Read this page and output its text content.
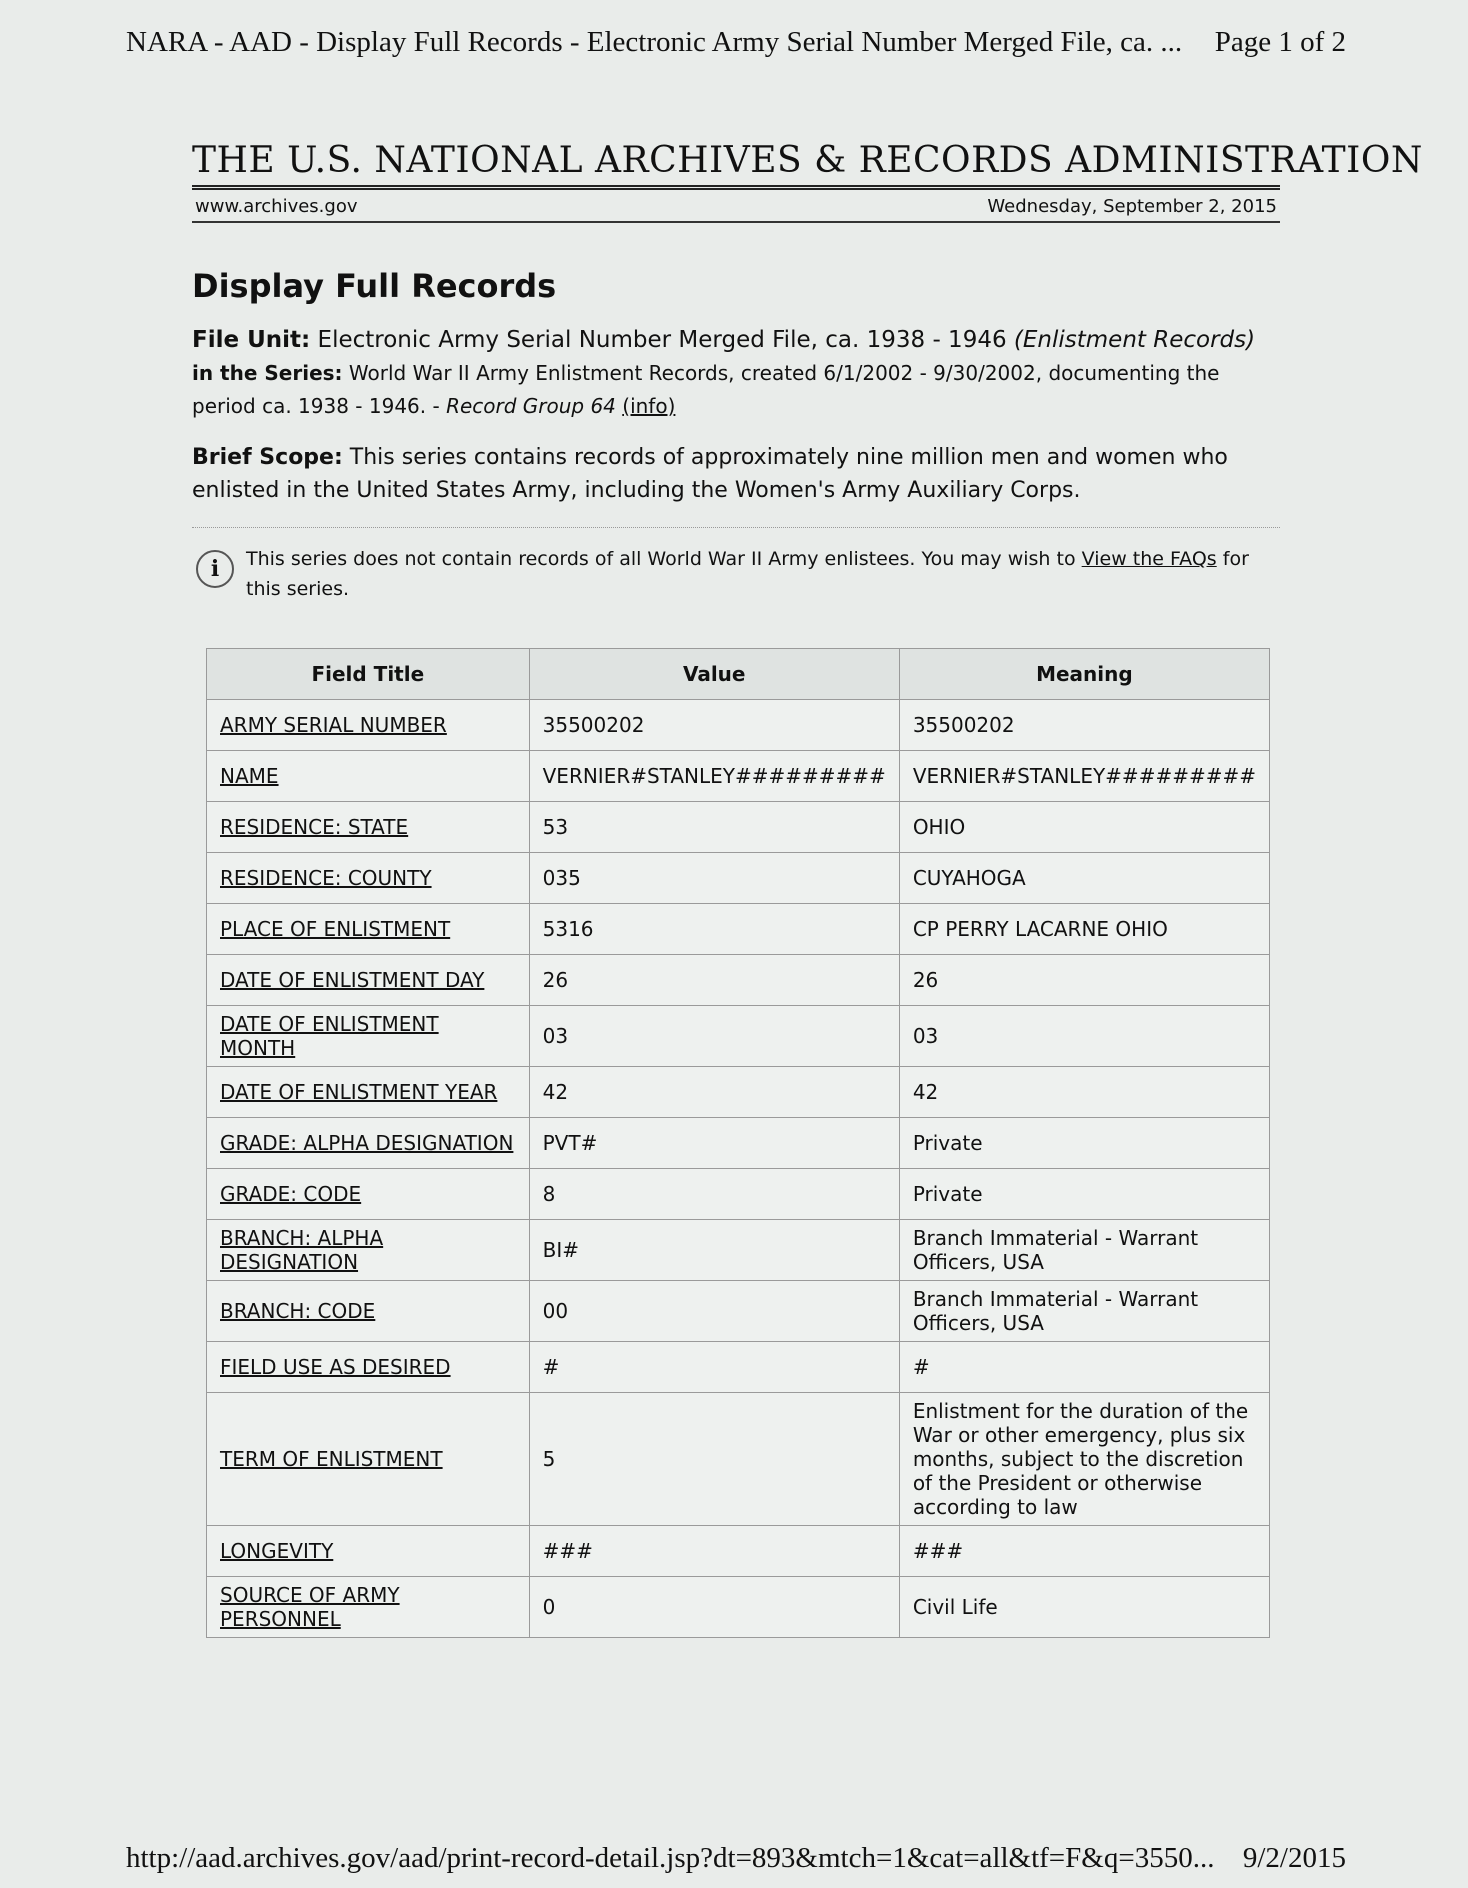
NARA - AAD - Display Full Records - Electronic Army Serial Number Merged File, ca. ... Page 1 of 2
THE U.S. NATIONAL ARCHIVES & RECORDS ADMINISTRATION
www.archives.gov	Wednesday, September 2, 2015
Display Full Records
File Unit: Electronic Army Serial Number Merged File, ca. 1938 - 1946 (Enlistment Records)
in the Series: World War II Army Enlistment Records, created 6/1/2002 - 9/30/2002, documenting the period ca. 1938 - 1946. - Record Group 64 (info)
Brief Scope: This series contains records of approximately nine million men and women who enlisted in the United States Army, including the Women's Army Auxiliary Corps.
i	This series does not contain records of all World War II Army enlistees. You may wish to View the FAQs for this series.
Field Title	Value	Meaning
ARMY SERIAL NUMBER	35500202	35500202
NAME	VERNIER#STANLEY#########	VERNIER#STANLEY#########
RESIDENCE: STATE	53	OHIO
RESIDENCE: COUNTY	035	CUYAHOGA
PLACE OF ENLISTMENT	5316	CP PERRY LACARNE OHIO
DATE OF ENLISTMENT DAY	26	26
DATE OF ENLISTMENT MONTH	03	03
DATE OF ENLISTMENT YEAR	42	42
GRADE: ALPHA DESIGNATION	PVT#	Private
GRADE: CODE	8	Private
BRANCH: ALPHA DESIGNATION	BI#	Branch Immaterial - Warrant Officers, USA
BRANCH: CODE	00	Branch Immaterial - Warrant Officers, USA
FIELD USE AS DESIRED	#	#
TERM OF ENLISTMENT	5	Enlistment for the duration of the War or other emergency, plus six months, subject to the discretion of the President or otherwise according to law
LONGEVITY	###	###
SOURCE OF ARMY PERSONNEL	0	Civil Life
http://aad.archives.gov/aad/print-record-detail.jsp?dt=893&mtch=1&cat=all&tf=F&q=3550... 9/2/2015
